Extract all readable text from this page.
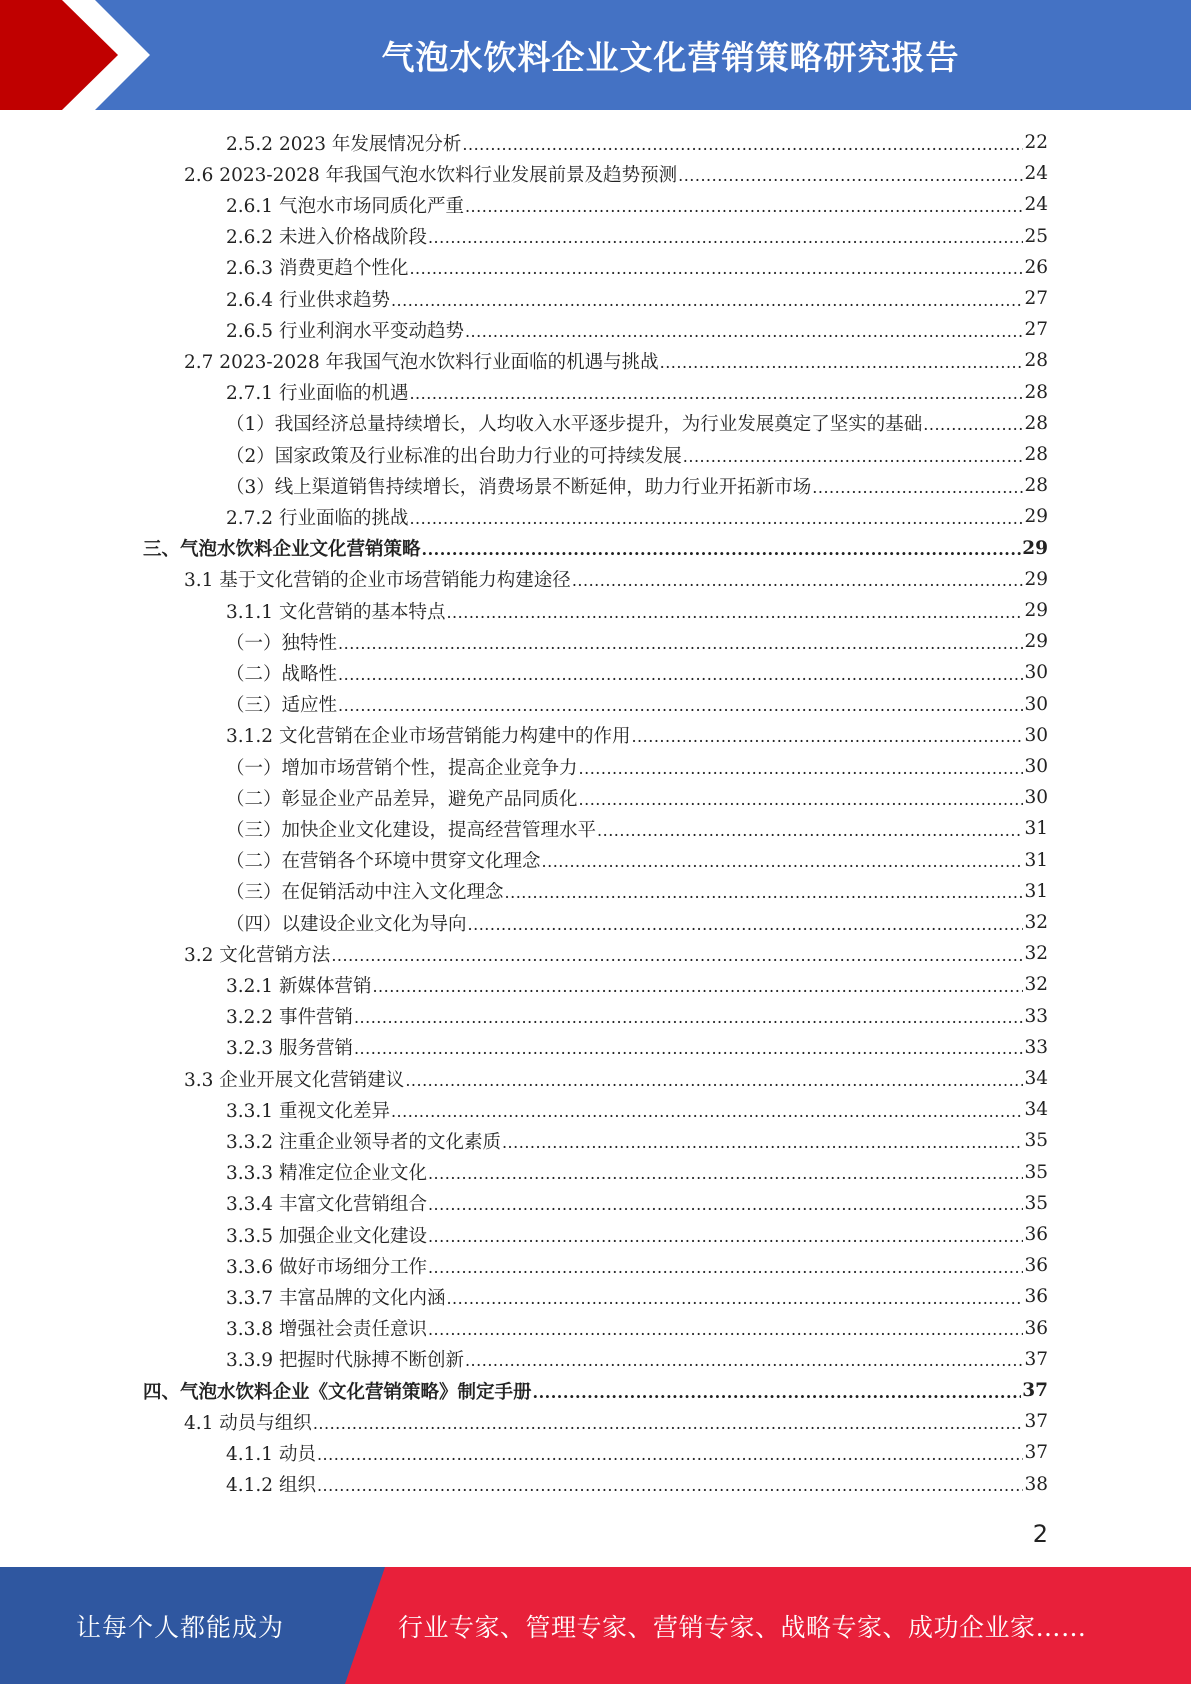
气泡水饮料企业文化营销策略研究报告
2.5.2 2023 年发展情况分析 .....	22
2.6 2023-2028 年我国气泡水饮料行业发展前景及趋势预测 .....	24
2.6.1 气泡水市场同质化严重 .....	24
2.6.2 未进入价格战阶段 .....	25
2.6.3 消费更趋个性化 .....	26
2.6.4 行业供求趋势 .....	27
2.6.5 行业利润水平变动趋势 .....	27
2.7 2023-2028 年我国气泡水饮料行业面临的机遇与挑战 .....	28
2.7.1 行业面临的机遇 .....	28
（1）我国经济总量持续增长，人均收入水平逐步提升，为行业发展奠定了坚实的基础 .....	28
（2）国家政策及行业标准的出台助力行业的可持续发展 .....	28
（3）线上渠道销售持续增长，消费场景不断延伸，助力行业开拓新市场 .....	28
2.7.2 行业面临的挑战 .....	29
三、气泡水饮料企业文化营销策略 .....	29
3.1 基于文化营销的企业市场营销能力构建途径 .....	29
3.1.1 文化营销的基本特点 .....	29
（一）独特性 .....	29
（二）战略性 .....	30
（三）适应性 .....	30
3.1.2 文化营销在企业市场营销能力构建中的作用 .....	30
（一）增加市场营销个性，提高企业竞争力 .....	30
（二）彰显企业产品差异，避免产品同质化 .....	30
（三）加快企业文化建设，提高经营管理水平 .....	31
（二）在营销各个环境中贯穿文化理念 .....	31
（三）在促销活动中注入文化理念 .....	31
（四）以建设企业文化为导向 .....	32
3.2 文化营销方法 .....	32
3.2.1 新媒体营销 .....	32
3.2.2 事件营销 .....	33
3.2.3 服务营销 .....	33
3.3 企业开展文化营销建议 .....	34
3.3.1 重视文化差异 .....	34
3.3.2 注重企业领导者的文化素质 .....	35
3.3.3 精准定位企业文化 .....	35
3.3.4 丰富文化营销组合 .....	35
3.3.5 加强企业文化建设 .....	36
3.3.6 做好市场细分工作 .....	36
3.3.7 丰富品牌的文化内涵 .....	36
3.3.8 增强社会责任意识 .....	36
3.3.9 把握时代脉搏不断创新 .....	37
四、气泡水饮料企业《文化营销策略》制定手册 .....	37
4.1 动员与组织 .....	37
4.1.1 动员 .....	37
4.1.2 组织 .....	38
2
让每个人都能成为	行业专家、管理专家、营销专家、战略专家、成功企业家……
